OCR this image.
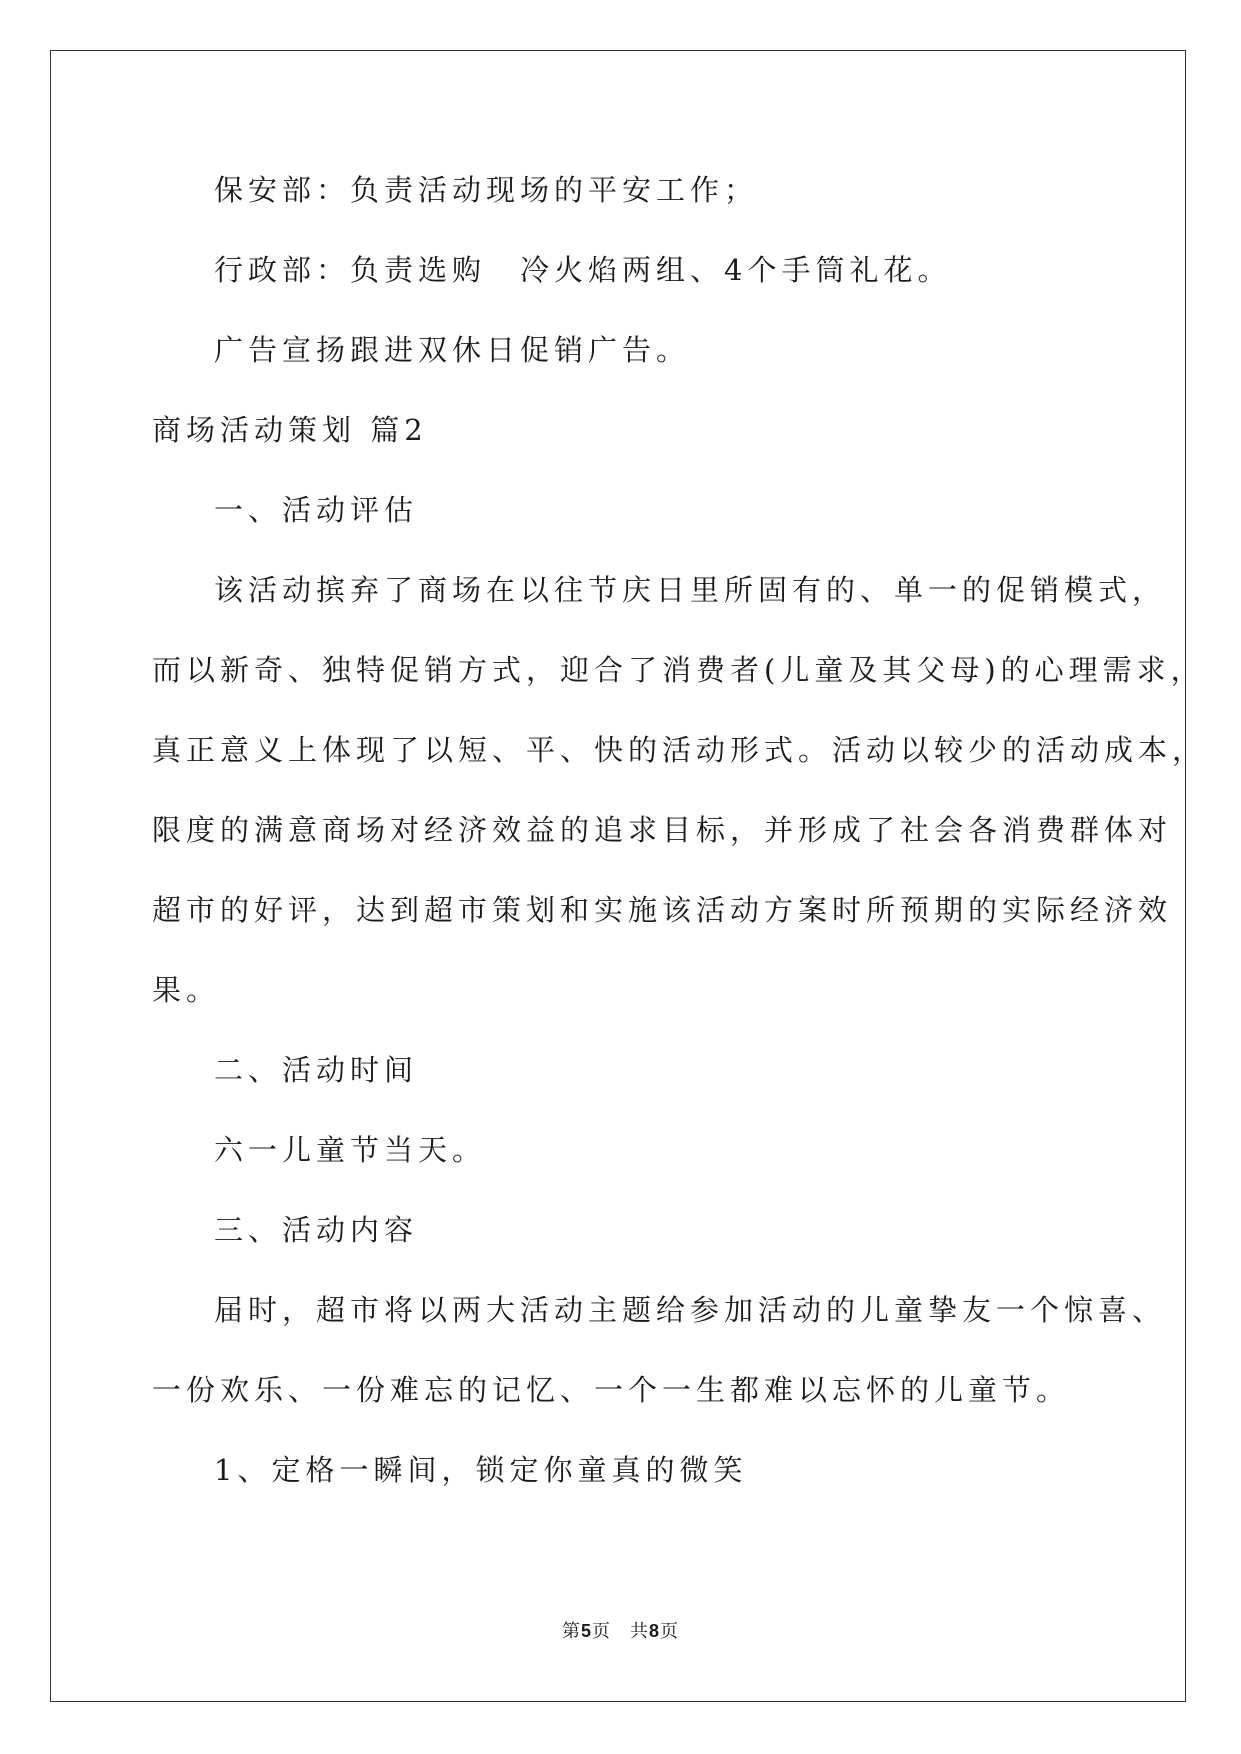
保安部：负责活动现场的平安工作；
行政部：负责选购　冷火焰两组、4个手筒礼花。
广告宣扬跟进双休日促销广告。
商场活动策划 篇2
一、活动评估
该活动摈弃了商场在以往节庆日里所固有的、单一的促销模式，
而以新奇、独特促销方式，迎合了消费者(儿童及其父母)的心理需求，
真正意义上体现了以短、平、快的活动形式。活动以较少的活动成本，
限度的满意商场对经济效益的追求目标，并形成了社会各消费群体对
超市的好评，达到超市策划和实施该活动方案时所预期的实际经济效
果。
二、活动时间
六一儿童节当天。
三、活动内容
届时，超市将以两大活动主题给参加活动的儿童挚友一个惊喜、
一份欢乐、一份难忘的记忆、一个一生都难以忘怀的儿童节。
1、定格一瞬间，锁定你童真的微笑
第5页　共8页
